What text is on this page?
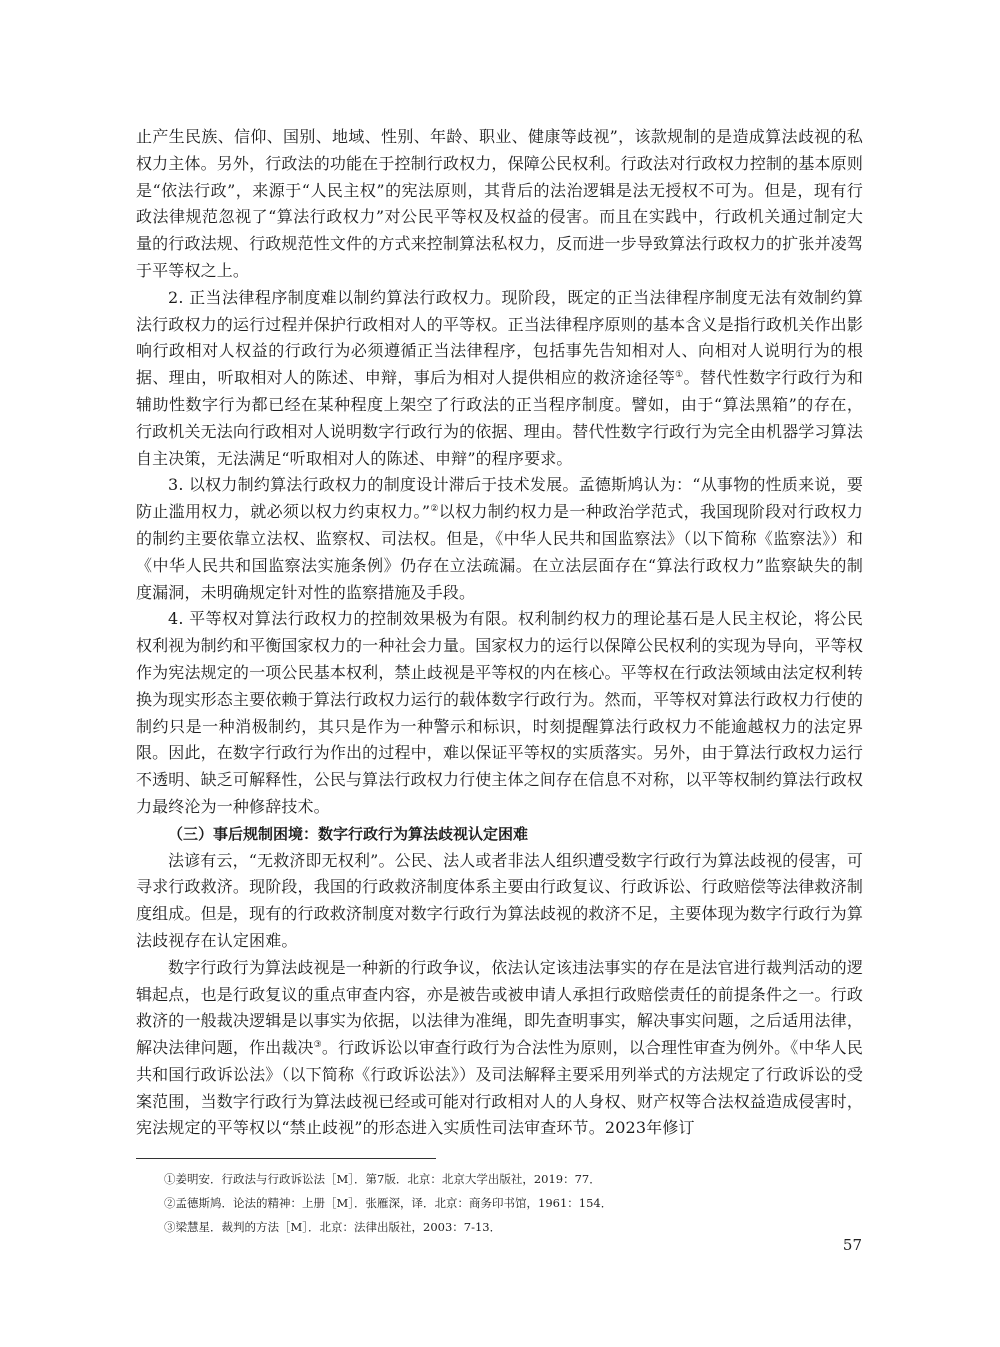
止产生民族、信仰、国别、地域、性别、年龄、职业、健康等歧视”，该款规制的是造成算法歧视的私权力主体。另外，行政法的功能在于控制行政权力，保障公民权利。行政法对行政权力控制的基本原则是“依法行政”，来源于“人民主权”的宪法原则，其背后的法治逻辑是法无授权不可为。但是，现有行政法律规范忽视了“算法行政权力”对公民平等权及权益的侵害。而且在实践中，行政机关通过制定大量的行政法规、行政规范性文件的方式来控制算法私权力，反而进一步导致算法行政权力的扩张并凌驾于平等权之上。

2. 正当法律程序制度难以制约算法行政权力。现阶段，既定的正当法律程序制度无法有效制约算法行政权力的运行过程并保护行政相对人的平等权。正当法律程序原则的基本含义是指行政机关作出影响行政相对人权益的行政行为必须遵循正当法律程序，包括事先告知相对人、向相对人说明行为的根据、理由，听取相对人的陈述、申辩，事后为相对人提供相应的救济途径等①。替代性数字行政行为和辅助性数字行为都已经在某种程度上架空了行政法的正当程序制度。譬如，由于“算法黑箱”的存在，行政机关无法向行政相对人说明数字行政行为的依据、理由。替代性数字行政行为完全由机器学习算法自主决策，无法满足“听取相对人的陈述、申辩”的程序要求。

3. 以权力制约算法行政权力的制度设计滞后于技术发展。孟德斯鸠认为：“从事物的性质来说，要防止滥用权力，就必须以权力约束权力。”②以权力制约权力是一种政治学范式，我国现阶段对行政权力的制约主要依靠立法权、监察权、司法权。但是，《中华人民共和国监察法》（以下简称《监察法》）和《中华人民共和国监察法实施条例》仍存在立法疏漏。在立法层面存在“算法行政权力”监察缺失的制度漏洞，未明确规定针对性的监察措施及手段。

4. 平等权对算法行政权力的控制效果极为有限。权利制约权力的理论基石是人民主权论，将公民权利视为制约和平衡国家权力的一种社会力量。国家权力的运行以保障公民权利的实现为导向，平等权作为宪法规定的一项公民基本权利，禁止歧视是平等权的内在核心。平等权在行政法领域由法定权利转换为现实形态主要依赖于算法行政权力运行的载体数字行政行为。然而，平等权对算法行政权力行使的制约只是一种消极制约，其只是作为一种警示和标识，时刻提醒算法行政权力不能逾越权力的法定界限。因此，在数字行政行为作出的过程中，难以保证平等权的实质落实。另外，由于算法行政权力运行不透明、缺乏可解释性，公民与算法行政权力行使主体之间存在信息不对称，以平等权制约算法行政权力最终沦为一种修辞技术。

（三）事后规制困境：数字行政行为算法歧视认定困难

法谚有云，“无救济即无权利”。公民、法人或者非法人组织遭受数字行政行为算法歧视的侵害，可寻求行政救济。现阶段，我国的行政救济制度体系主要由行政复议、行政诉讼、行政赔偿等法律救济制度组成。但是，现有的行政救济制度对数字行政行为算法歧视的救济不足，主要体现为数字行政行为算法歧视存在认定困难。

数字行政行为算法歧视是一种新的行政争议，依法认定该违法事实的存在是法官进行裁判活动的逻辑起点，也是行政复议的重点审查内容，亦是被告或被申请人承担行政赔偿责任的前提条件之一。行政救济的一般裁决逻辑是以事实为依据，以法律为准绳，即先查明事实，解决事实问题，之后适用法律，解决法律问题，作出裁决③。行政诉讼以审查行政行为合法性为原则，以合理性审查为例外。《中华人民共和国行政诉讼法》（以下简称《行政诉讼法》）及司法解释主要采用列举式的方法规定了行政诉讼的受案范围，当数字行政行为算法歧视已经或可能对行政相对人的人身权、财产权等合法权益造成侵害时，宪法规定的平等权以“禁止歧视”的形态进入实质性司法审查环节。2023年修订

①姜明安．行政法与行政诉讼法［M］．第7版．北京：北京大学出版社，2019：77．

②孟德斯鸠．论法的精神：上册［M］．张雁深，译．北京：商务印书馆，1961：154．

③梁慧星．裁判的方法［M］．北京：法律出版社，2003：7-13．

57
